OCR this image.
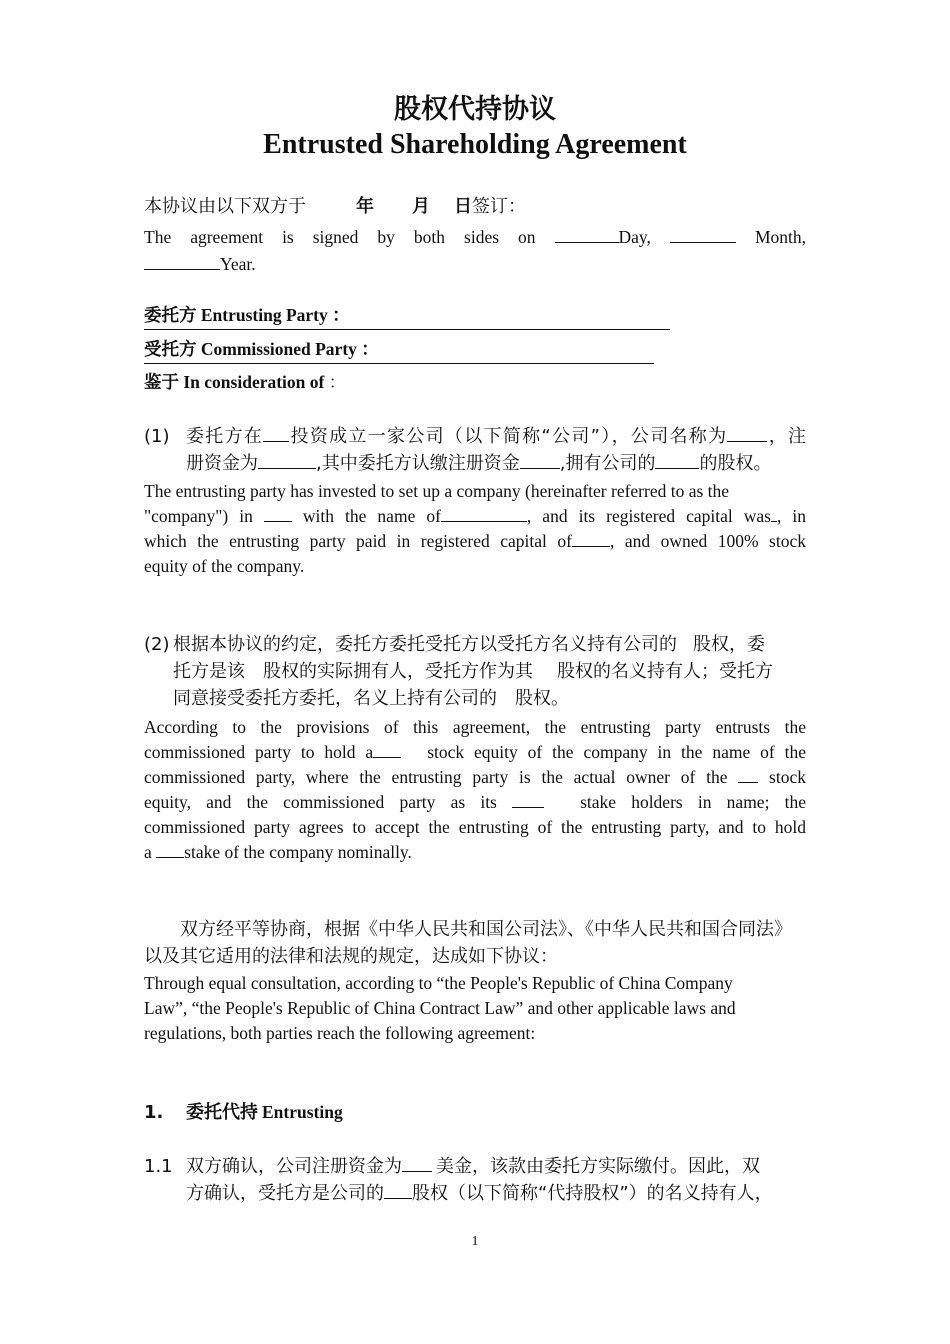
股权代持协议
Entrusted Shareholding Agreement
本协议由以下双方于	年 月 日签订：
The agreement is signed by both sides on	Day,	Month,
Year.
委托方 Entrusting Party ：
受托方 Commissioned Party ：
鉴于 In consideration of ：
(1) 委托方在 投资成立一家公司（以下简称“公司”），公司名称为 ，注
册资金为	,其中委托方认缴注册资金 ,拥有公司的 的股权。
The entrusting party has invested to set up a company (hereinafter referred to as the
"company") in	with the name of	, and its registered capital was , in
which the entrusting party paid in registered capital of , and owned 100% stock
equity of the company.
(2) 根据本协议的约定，委托方委托受托方以受托方名义持有公司的 股权，委
托方是该 股权的实际拥有人，受托方作为其 股权的名义持有人；受托方
同意接受委托方委托，名义上持有公司的 股权。
According to the provisions of this agreement, the entrusting party entrusts the
commissioned party to hold a	stock equity of the company in the name of the
commissioned party, where the entrusting party is the actual owner of the stock
equity, and the commissioned party as its	stake holders in name; the
commissioned party agrees to accept the entrusting of the entrusting party, and to hold
a stake of the company nominally.
双方经平等协商，根据《中华人民共和国公司法》、《中华人民共和国合同法》
以及其它适用的法律和法规的规定，达成如下协议：
Through equal consultation, according to “the People's Republic of China Company
Law”, “the People's Republic of China Contract Law” and other applicable laws and
regulations, both parties reach the following agreement:
1. 委托代持 Entrusting
1.1 双方确认，公司注册资金为 美金，该款由委托方实际缴付。因此，双
方确认，受托方是公司的 股权（以下简称“代持股权”）的名义持有人，
1
